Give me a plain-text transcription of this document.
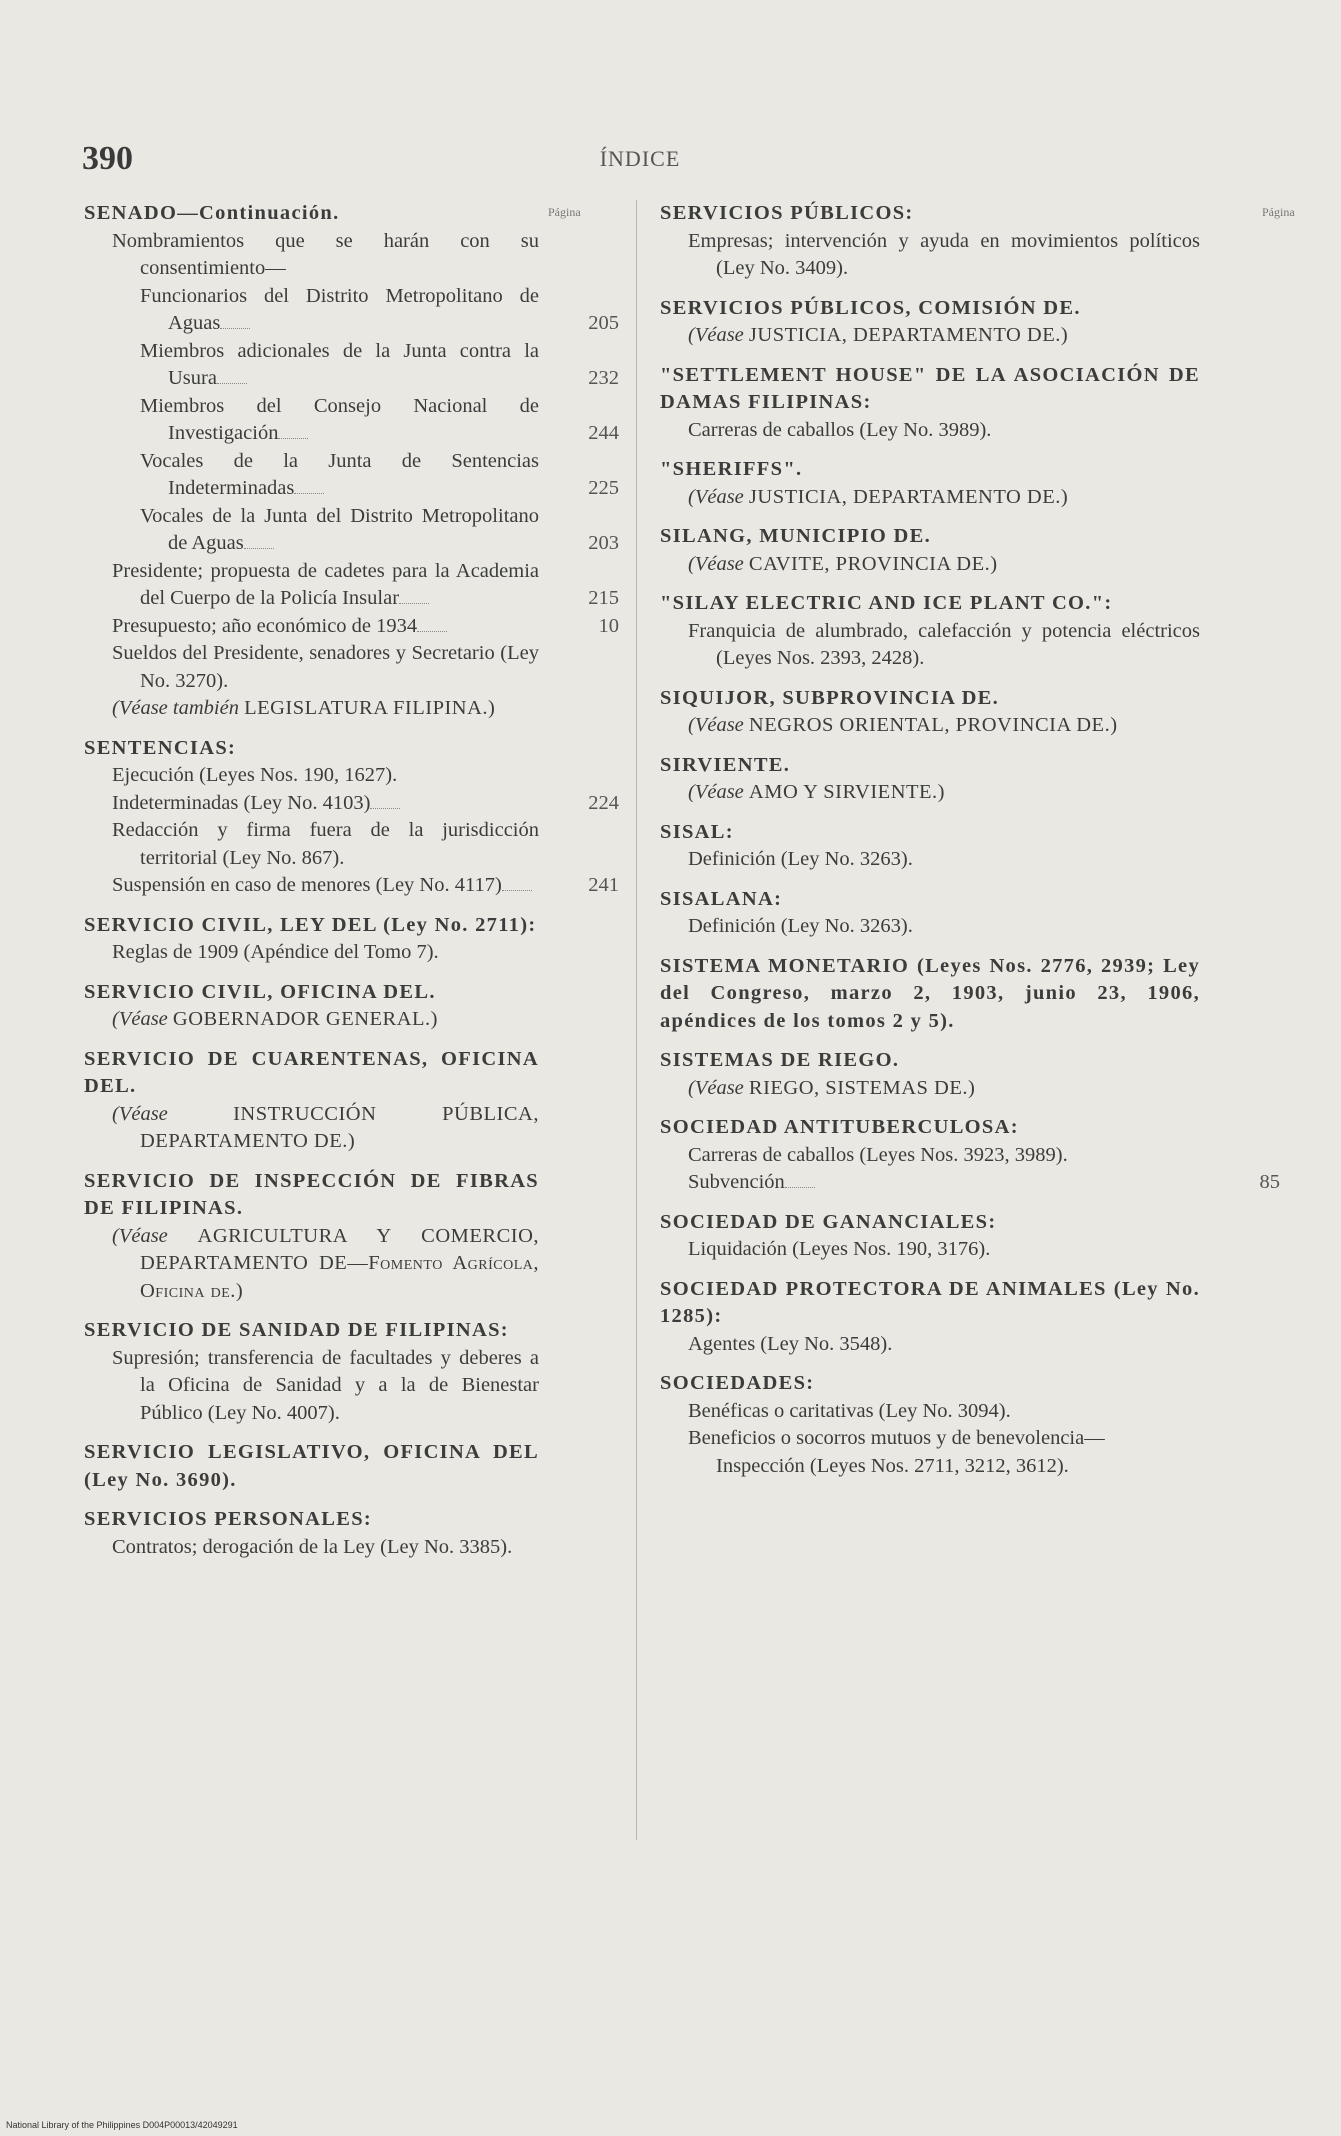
390	ÍNDICE
Página	Página
SENADO—Continuación.
Nombramientos que se harán con su consentimiento—
Funcionarios del Distrito Metropolitano de Aguas	205
Miembros adicionales de la Junta contra la Usura	232
Miembros del Consejo Nacional de Investigación	244
Vocales de la Junta de Sentencias Indeterminadas	225
Vocales de la Junta del Distrito Metropolitano de Aguas	203
Presidente; propuesta de cadetes para la Academia del Cuerpo de la Policía Insular	215
Presupuesto; año económico de 1934	10
Sueldos del Presidente, senadores y Secretario (Ley No. 3270).
(Véase también LEGISLATURA FILIPINA.)
SENTENCIAS:
Ejecución (Leyes Nos. 190, 1627).
Indeterminadas (Ley No. 4103)	224
Redacción y firma fuera de la jurisdicción territorial (Ley No. 867).
Suspensión en caso de menores (Ley No. 4117)	241
SERVICIO CIVIL, LEY DEL (Ley No. 2711):
Reglas de 1909 (Apéndice del Tomo 7).
SERVICIO CIVIL, OFICINA DEL.
(Véase GOBERNADOR GENERAL.)
SERVICIO DE CUARENTENAS, OFICINA DEL.
(Véase INSTRUCCIÓN PÚBLICA, DEPARTAMENTO DE.)
SERVICIO DE INSPECCIÓN DE FIBRAS DE FILIPINAS.
(Véase AGRICULTURA Y COMERCIO, DEPARTAMENTO DE—Fomento Agrícola, Oficina de.)
SERVICIO DE SANIDAD DE FILIPINAS:
Supresión; transferencia de facultades y deberes a la Oficina de Sanidad y a la de Bienestar Público (Ley No. 4007).
SERVICIO LEGISLATIVO, OFICINA DEL (Ley No. 3690).
SERVICIOS PERSONALES:
Contratos; derogación de la Ley (Ley No. 3385).
SERVICIOS PÚBLICOS:
Empresas; intervención y ayuda en movimientos políticos (Ley No. 3409).
SERVICIOS PÚBLICOS, COMISIÓN DE.
(Véase JUSTICIA, DEPARTAMENTO DE.)
"SETTLEMENT HOUSE" DE LA ASOCIACIÓN DE DAMAS FILIPINAS:
Carreras de caballos (Ley No. 3989).
"SHERIFFS".
(Véase JUSTICIA, DEPARTAMENTO DE.)
SILANG, MUNICIPIO DE.
(Véase CAVITE, PROVINCIA DE.)
"SILAY ELECTRIC AND ICE PLANT CO.":
Franquicia de alumbrado, calefacción y potencia eléctricos (Leyes Nos. 2393, 2428).
SIQUIJOR, SUBPROVINCIA DE.
(Véase NEGROS ORIENTAL, PROVINCIA DE.)
SIRVIENTE.
(Véase AMO Y SIRVIENTE.)
SISAL:
Definición (Ley No. 3263).
SISALANA:
Definición (Ley No. 3263).
SISTEMA MONETARIO (Leyes Nos. 2776, 2939; Ley del Congreso, marzo 2, 1903, junio 23, 1906, apéndices de los tomos 2 y 5).
SISTEMAS DE RIEGO.
(Véase RIEGO, SISTEMAS DE.)
SOCIEDAD ANTITUBERCULOSA:
Carreras de caballos (Leyes Nos. 3923, 3989).
Subvención	85
SOCIEDAD DE GANANCIALES:
Liquidación (Leyes Nos. 190, 3176).
SOCIEDAD PROTECTORA DE ANIMALES (Ley No. 1285):
Agentes (Ley No. 3548).
SOCIEDADES:
Benéficas o caritativas (Ley No. 3094).
Beneficios o socorros mutuos y de benevolencia—
Inspección (Leyes Nos. 2711, 3212, 3612).
National Library of the Philippines D004P00013/42049291
